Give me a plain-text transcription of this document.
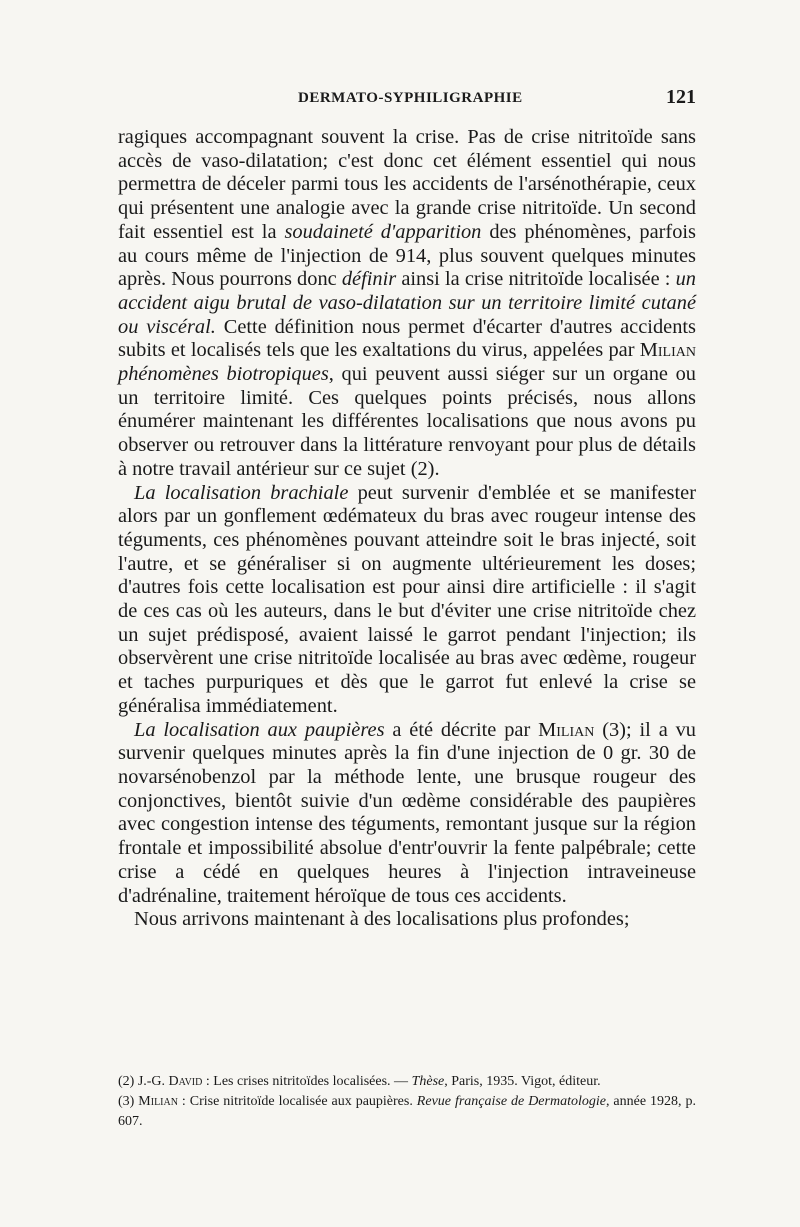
DERMATO-SYPHILIGRAPHIE	121

ragiques accompagnant souvent la crise. Pas de crise nitritoïde sans accès de vaso-dilatation; c'est donc cet élément essentiel qui nous permettra de déceler parmi tous les accidents de l'arsénothérapie, ceux qui présentent une analogie avec la grande crise nitritoïde. Un second fait essentiel est la soudaineté d'apparition des phénomènes, parfois au cours même de l'injection de 914, plus souvent quelques minutes après. Nous pourrons donc définir ainsi la crise nitritoïde localisée : un accident aigu brutal de vaso-dilatation sur un territoire limité cutané ou viscéral. Cette définition nous permet d'écarter d'autres accidents subits et localisés tels que les exaltations du virus, appelées par Milian phénomènes biotropiques, qui peuvent aussi siéger sur un organe ou un territoire limité. Ces quelques points précisés, nous allons énumérer maintenant les différentes localisations que nous avons pu observer ou retrouver dans la littérature renvoyant pour plus de détails à notre travail antérieur sur ce sujet (2).

La localisation brachiale peut survenir d'emblée et se manifester alors par un gonflement œdémateux du bras avec rougeur intense des téguments, ces phénomènes pouvant atteindre soit le bras injecté, soit l'autre, et se généraliser si on augmente ultérieurement les doses; d'autres fois cette localisation est pour ainsi dire artificielle : il s'agit de ces cas où les auteurs, dans le but d'éviter une crise nitritoïde chez un sujet prédisposé, avaient laissé le garrot pendant l'injection; ils observèrent une crise nitritoïde localisée au bras avec œdème, rougeur et taches purpuriques et dès que le garrot fut enlevé la crise se généralisa immédiatement.

La localisation aux paupières a été décrite par Milian (3); il a vu survenir quelques minutes après la fin d'une injection de 0 gr. 30 de novarsénobenzol par la méthode lente, une brusque rougeur des conjonctives, bientôt suivie d'un œdème considérable des paupières avec congestion intense des téguments, remontant jusque sur la région frontale et impossibilité absolue d'entr'ouvrir la fente palpébrale; cette crise a cédé en quelques heures à l'injection intraveineuse d'adrénaline, traitement héroïque de tous ces accidents.

Nous arrivons maintenant à des localisations plus profondes;

(2) J.-G. David : Les crises nitritoïdes localisées. — Thèse, Paris, 1935. Vigot, éditeur.

(3) Milian : Crise nitritoïde localisée aux paupières. Revue française de Dermatologie, année 1928, p. 607.
